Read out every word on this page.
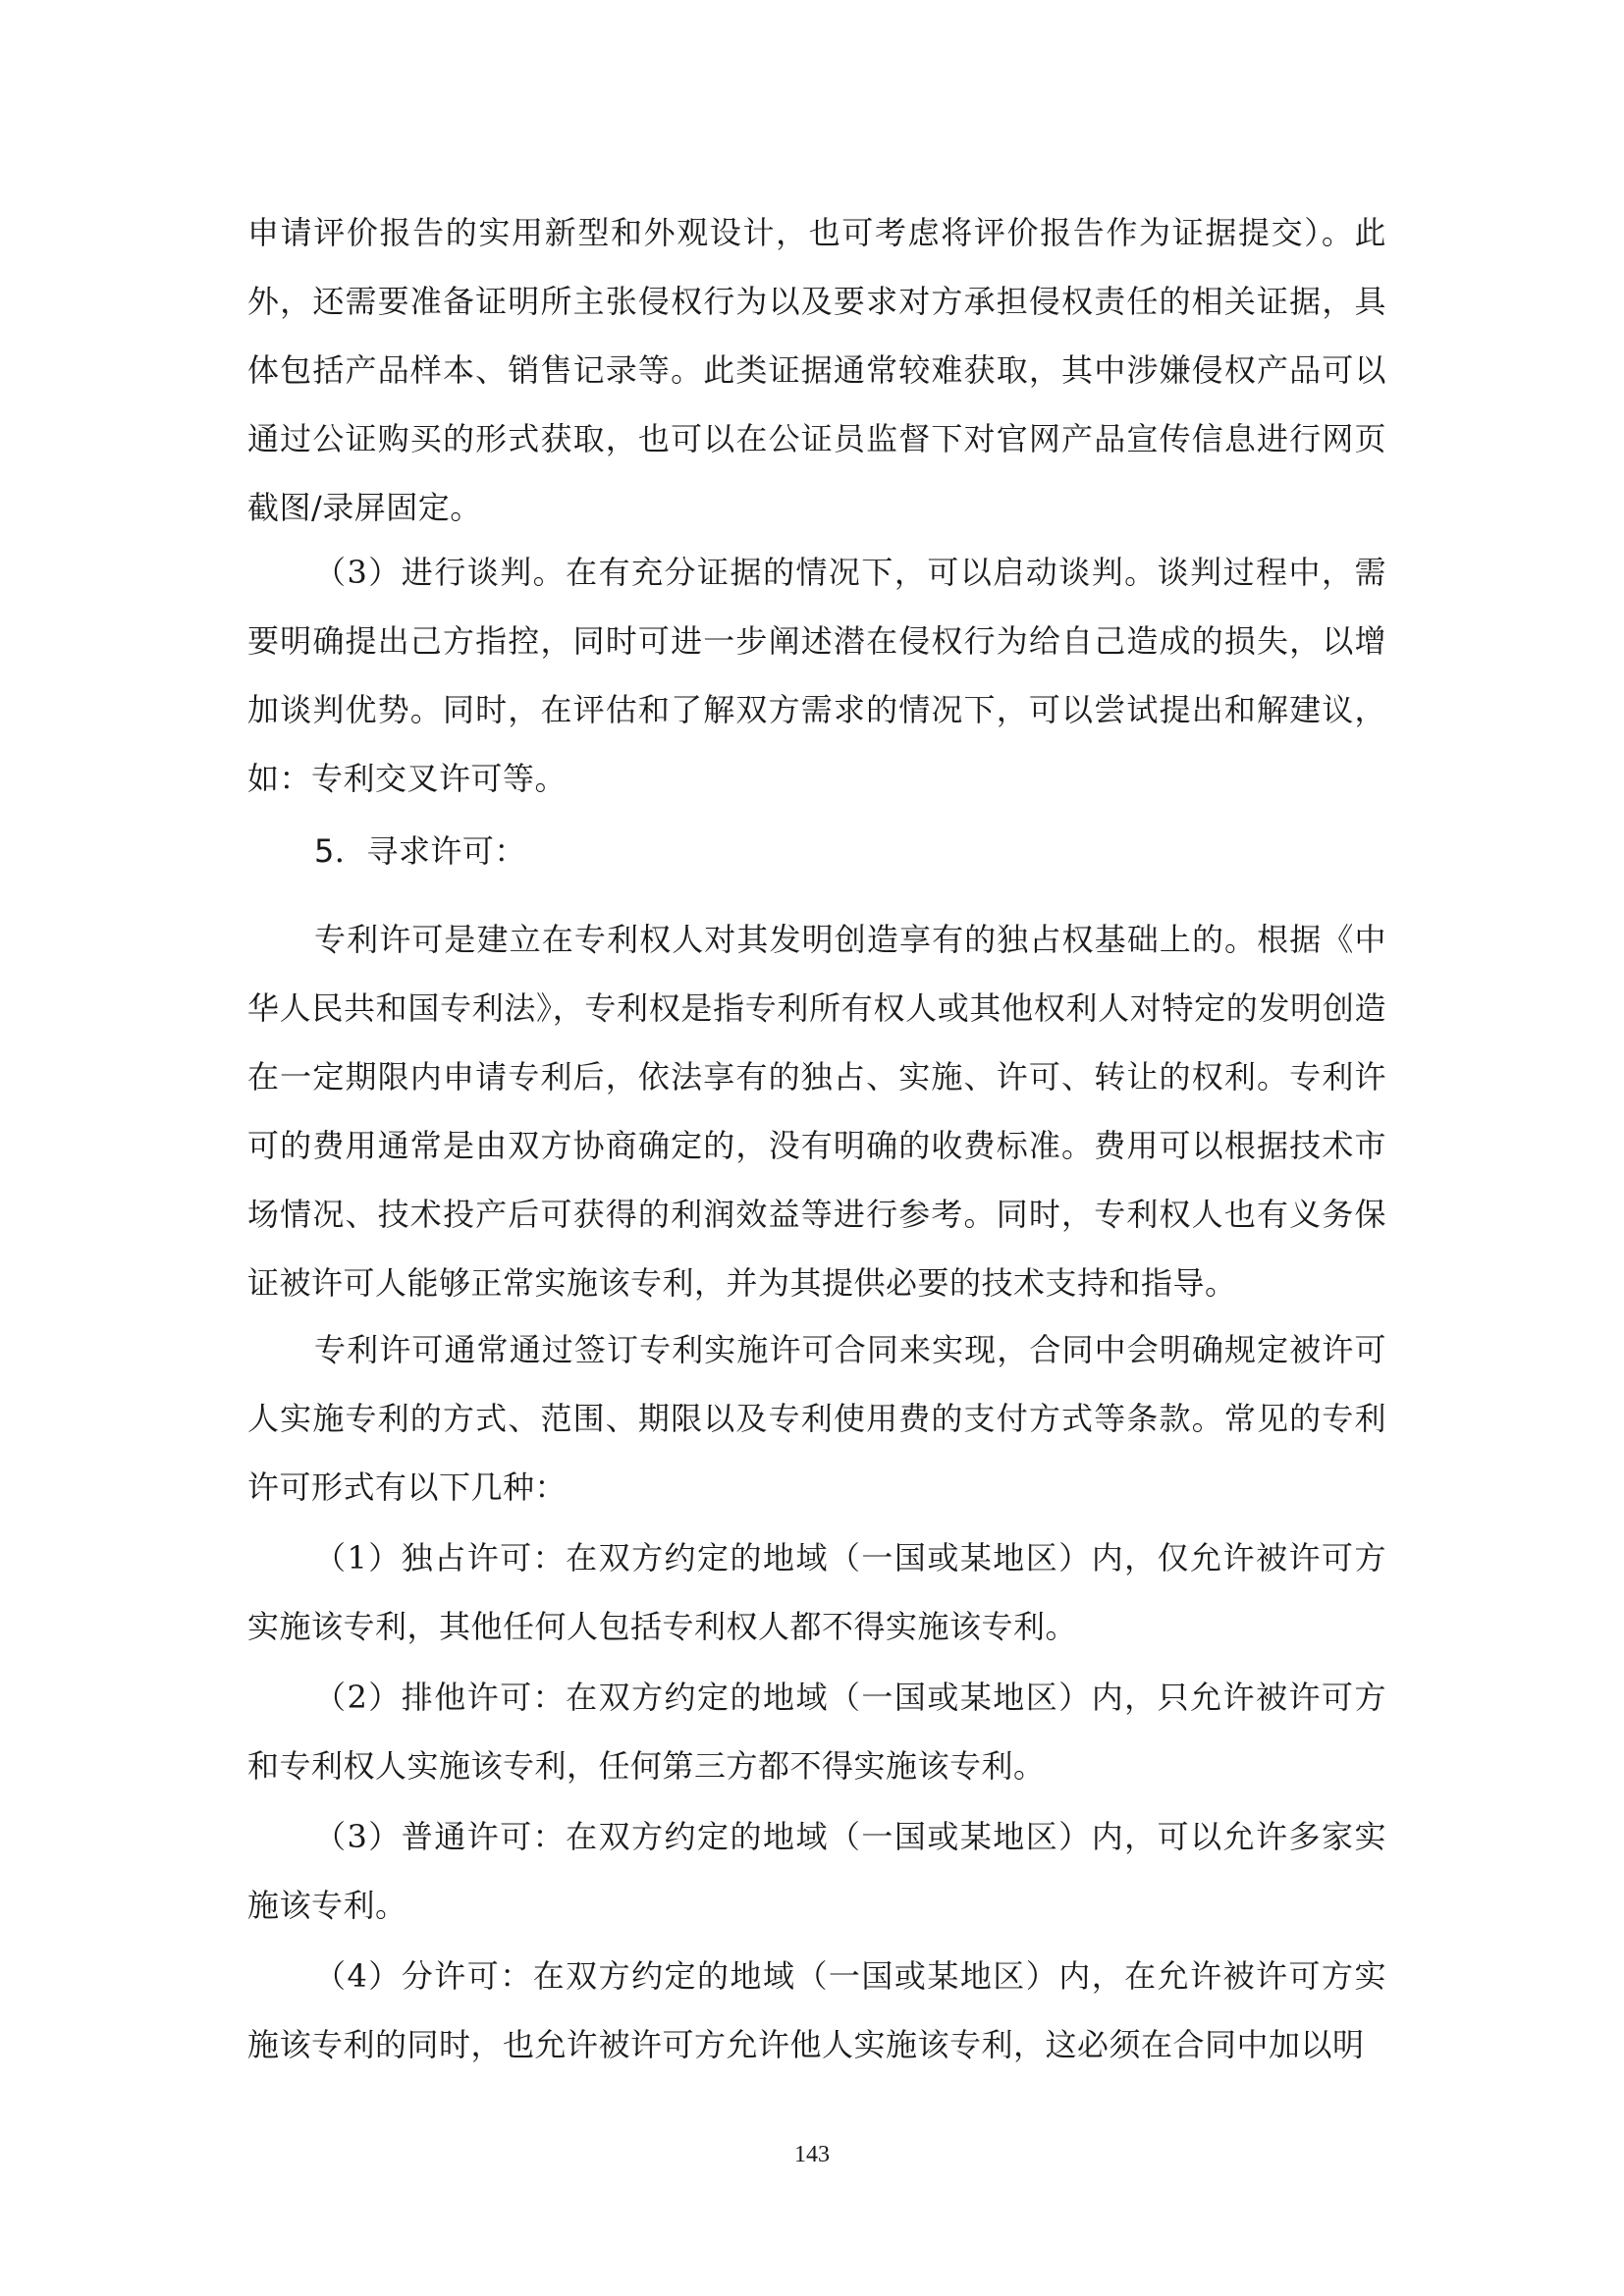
申请评价报告的实用新型和外观设计，也可考虑将评价报告作为证据提交）。此外，还需要准备证明所主张侵权行为以及要求对方承担侵权责任的相关证据，具体包括产品样本、销售记录等。此类证据通常较难获取，其中涉嫌侵权产品可以通过公证购买的形式获取，也可以在公证员监督下对官网产品宣传信息进行网页截图/录屏固定。

（3）进行谈判。在有充分证据的情况下，可以启动谈判。谈判过程中，需要明确提出己方指控，同时可进一步阐述潜在侵权行为给自己造成的损失，以增加谈判优势。同时，在评估和了解双方需求的情况下，可以尝试提出和解建议，如：专利交叉许可等。

5．寻求许可：

专利许可是建立在专利权人对其发明创造享有的独占权基础上的。根据《中华人民共和国专利法》，专利权是指专利所有权人或其他权利人对特定的发明创造在一定期限内申请专利后，依法享有的独占、实施、许可、转让的权利。专利许可的费用通常是由双方协商确定的，没有明确的收费标准。费用可以根据技术市场情况、技术投产后可获得的利润效益等进行参考。同时，专利权人也有义务保证被许可人能够正常实施该专利，并为其提供必要的技术支持和指导。

专利许可通常通过签订专利实施许可合同来实现，合同中会明确规定被许可人实施专利的方式、范围、期限以及专利使用费的支付方式等条款。常见的专利许可形式有以下几种：

（1）独占许可：在双方约定的地域（一国或某地区）内，仅允许被许可方实施该专利，其他任何人包括专利权人都不得实施该专利。

（2）排他许可：在双方约定的地域（一国或某地区）内，只允许被许可方和专利权人实施该专利，任何第三方都不得实施该专利。

（3）普通许可：在双方约定的地域（一国或某地区）内，可以允许多家实施该专利。

（4）分许可：在双方约定的地域（一国或某地区）内，在允许被许可方实施该专利的同时，也允许被许可方允许他人实施该专利，这必须在合同中加以明

143
